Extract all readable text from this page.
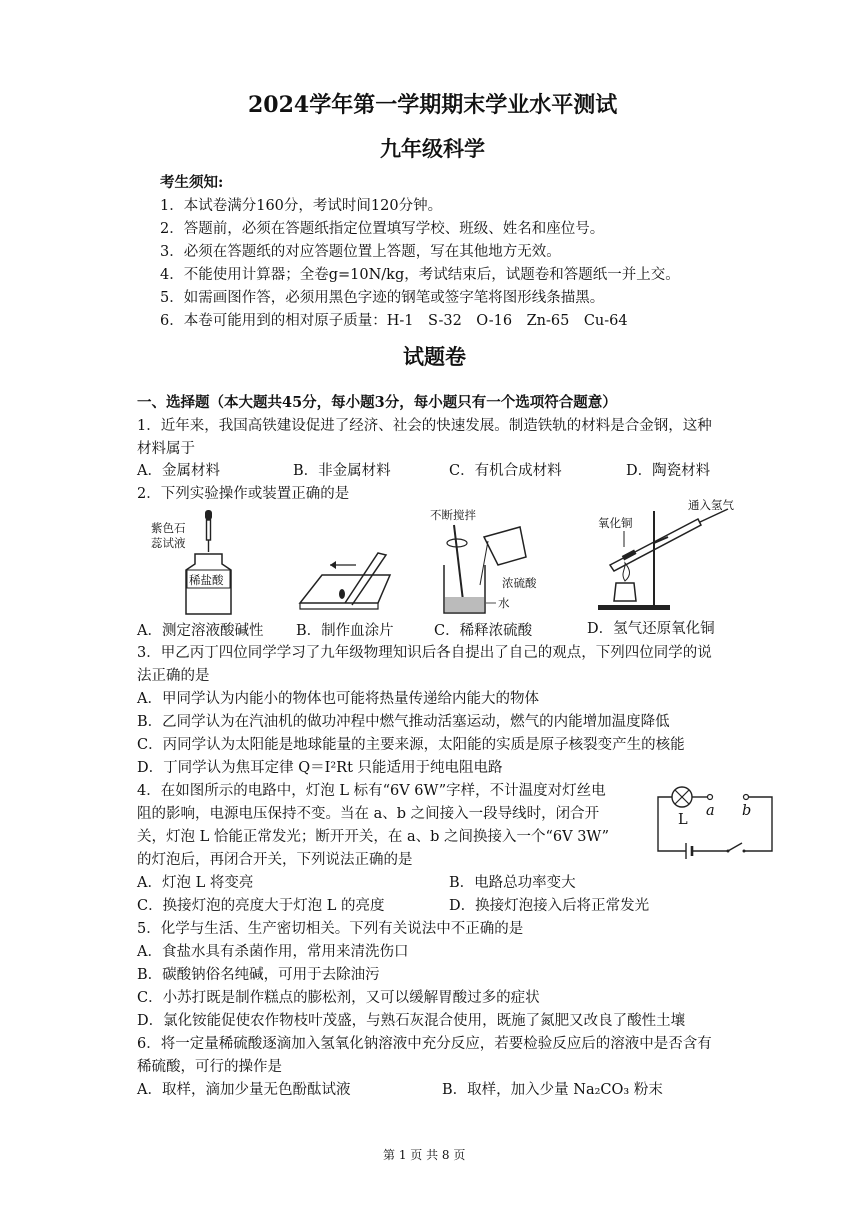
2024学年第一学期期末学业水平测试
九年级科学
考生须知:
1．本试卷满分160分，考试时间120分钟。
2．答题前，必须在答题纸指定位置填写学校、班级、姓名和座位号。
3．必须在答题纸的对应答题位置上答题，写在其他地方无效。
4．不能使用计算器；全卷g=10N/kg，考试结束后，试题卷和答题纸一并上交。
5．如需画图作答，必须用黑色字迹的钢笔或签字笔将图形线条描黑。
6．本卷可能用到的相对原子质量：H-1　S-32　O-16　Zn-65　Cu-64
试题卷
一、选择题（本大题共45分，每小题3分，每小题只有一个选项符合题意）
1．近年来，我国高铁建设促进了经济、社会的快速发展。制造铁轨的材料是合金钢，这种
材料属于
A．金属材料	B．非金属材料	C．有机合成材料	D．陶瓷材料
2．下列实验操作或装置正确的是
紫色石
蕊试液
稀盐酸
不断搅拌
浓硫酸
水
通入氢气
氧化铜
A．测定溶液酸碱性 B．制作血涂片	C．稀释浓硫酸	D．氢气还原氧化铜
3．甲乙丙丁四位同学学习了九年级物理知识后各自提出了自己的观点，下列四位同学的说
法正确的是
A．甲同学认为内能小的物体也可能将热量传递给内能大的物体
B．乙同学认为在汽油机的做功冲程中燃气推动活塞运动，燃气的内能增加温度降低
C．丙同学认为太阳能是地球能量的主要来源，太阳能的实质是原子核裂变产生的核能
D．丁同学认为焦耳定律 Q＝I²Rt 只能适用于纯电阻电路
4．在如图所示的电路中，灯泡 L 标有“6V 6W”字样，不计温度对灯丝电
阻的影响，电源电压保持不变。当在 a、b 之间接入一段导线时，闭合开
关，灯泡 L 恰能正常发光；断开开关，在 a、b 之间换接入一个“6V 3W”
的灯泡后，再闭合开关，下列说法正确的是
L
a b
A．灯泡 L 将变亮	B．电路总功率变大
C．换接灯泡的亮度大于灯泡 L 的亮度	D．换接灯泡接入后将正常发光
5．化学与生活、生产密切相关。下列有关说法中不正确的是
A．食盐水具有杀菌作用，常用来清洗伤口
B．碳酸钠俗名纯碱，可用于去除油污
C．小苏打既是制作糕点的膨松剂，又可以缓解胃酸过多的症状
D．氯化铵能促使农作物枝叶茂盛，与熟石灰混合使用，既施了氮肥又改良了酸性土壤
6．将一定量稀硫酸逐滴加入氢氧化钠溶液中充分反应，若要检验反应后的溶液中是否含有
稀硫酸，可行的操作是
A．取样，滴加少量无色酚酞试液	B．取样，加入少量 Na₂CO₃ 粉末
第 1 页 共 8 页
